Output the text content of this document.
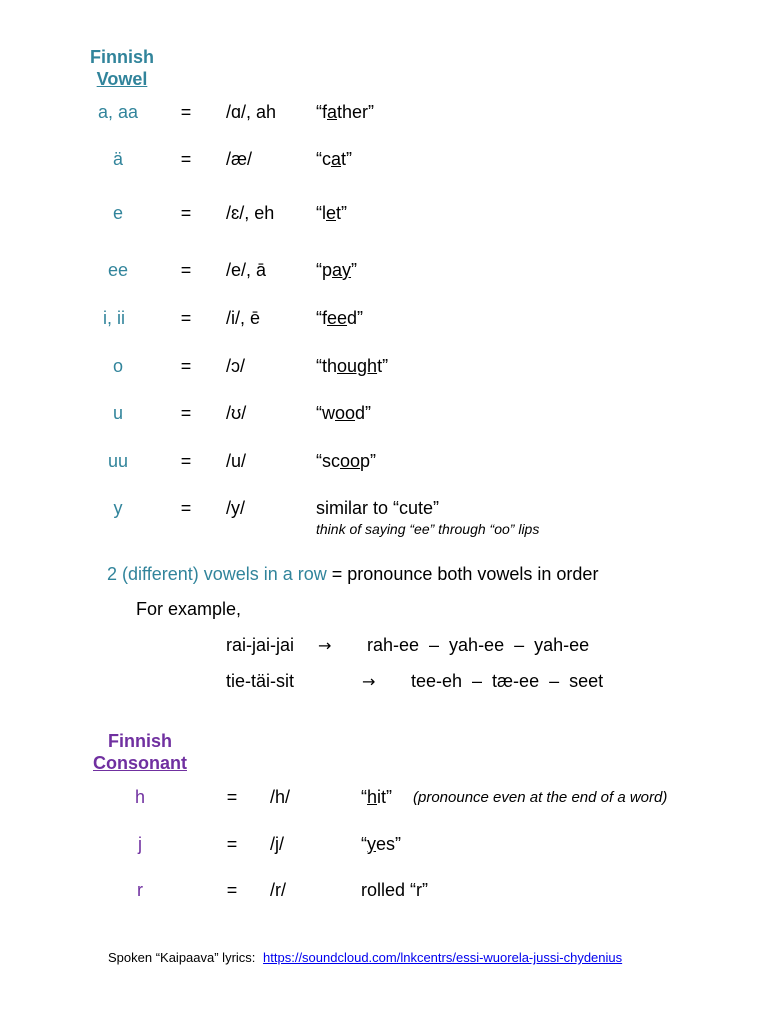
Finnish
Vowel
a, aa	= /ɑ/, ah “father”
ä	= /æ/	“cat”
e	= /ɛ/, eh “let”
ee	= /e/, ā	“pay”
i, ii	= /i/, ē	“feed”
o	= /ɔ/	“thought”
u	= /ʊ/	“wood”
uu	= /u/	“scoop”
y	= /y/	similar to “cute”
think of saying “ee” through “oo” lips
2 (different) vowels in a row = pronounce both vowels in order
For example,
rai-jai-jai → rah-ee  –  yah-ee  –  yah-ee
tie-täi-sit	→ tee-eh  –  tæ-ee  –  seet
Finnish
Consonant
h	= /h/	“hit” (pronounce even at the end of a word)
j	= /j/	“yes”
r	= /r/	rolled “r”
Spoken “Kaipaava” lyrics: https://soundcloud.com/lnkcentrs/essi-wuorela-jussi-chydenius
